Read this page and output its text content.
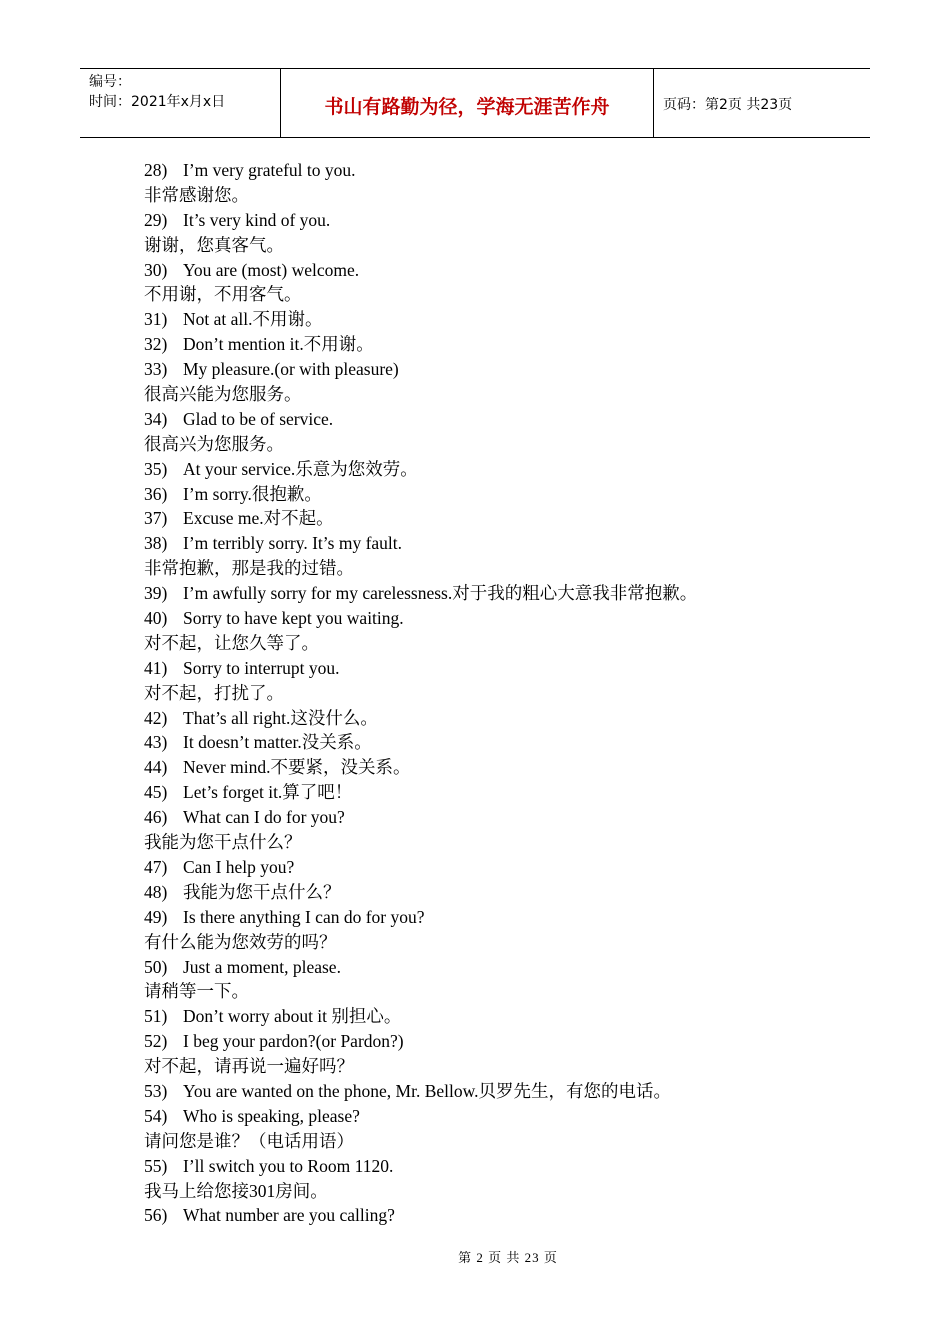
编号：
时间：2021年x月x日	书山有路勤为径，学海无涯苦作舟	页码：第2页 共23页
28) I’m very grateful to you.
非常感谢您。
29) It’s very kind of you.
谢谢，您真客气。
30) You are (most) welcome.
不用谢，不用客气。
31) Not at all.不用谢。
32) Don’t mention it.不用谢。
33) My pleasure.(or with pleasure)
很高兴能为您服务。
34) Glad to be of service.
很高兴为您服务。
35) At your service.乐意为您效劳。
36) I’m sorry.很抱歉。
37) Excuse me.对不起。
38) I’m terribly sorry. It’s my fault.
非常抱歉，那是我的过错。
39) I’m awfully sorry for my carelessness.对于我的粗心大意我非常抱歉。
40) Sorry to have kept you waiting.
对不起，让您久等了。
41) Sorry to interrupt you.
对不起，打扰了。
42) That’s all right.这没什么。
43) It doesn’t matter.没关系。
44) Never mind.不要紧，没关系。
45) Let’s forget it.算了吧！
46) What can I do for you?
我能为您干点什么？
47) Can I help you?
48) 我能为您干点什么？
49) Is there anything I can do for you?
有什么能为您效劳的吗？
50) Just a moment, please.
请稍等一下。
51) Don’t worry about it 别担心。
52) I beg your pardon?(or Pardon?)
对不起，请再说一遍好吗？
53) You are wanted on the phone, Mr. Bellow.贝罗先生，有您的电话。
54) Who is speaking, please?
请问您是谁？（电话用语）
55) I’ll switch you to Room 1120.
我马上给您接301房间。
56) What number are you calling?
第 2 页 共 23 页
